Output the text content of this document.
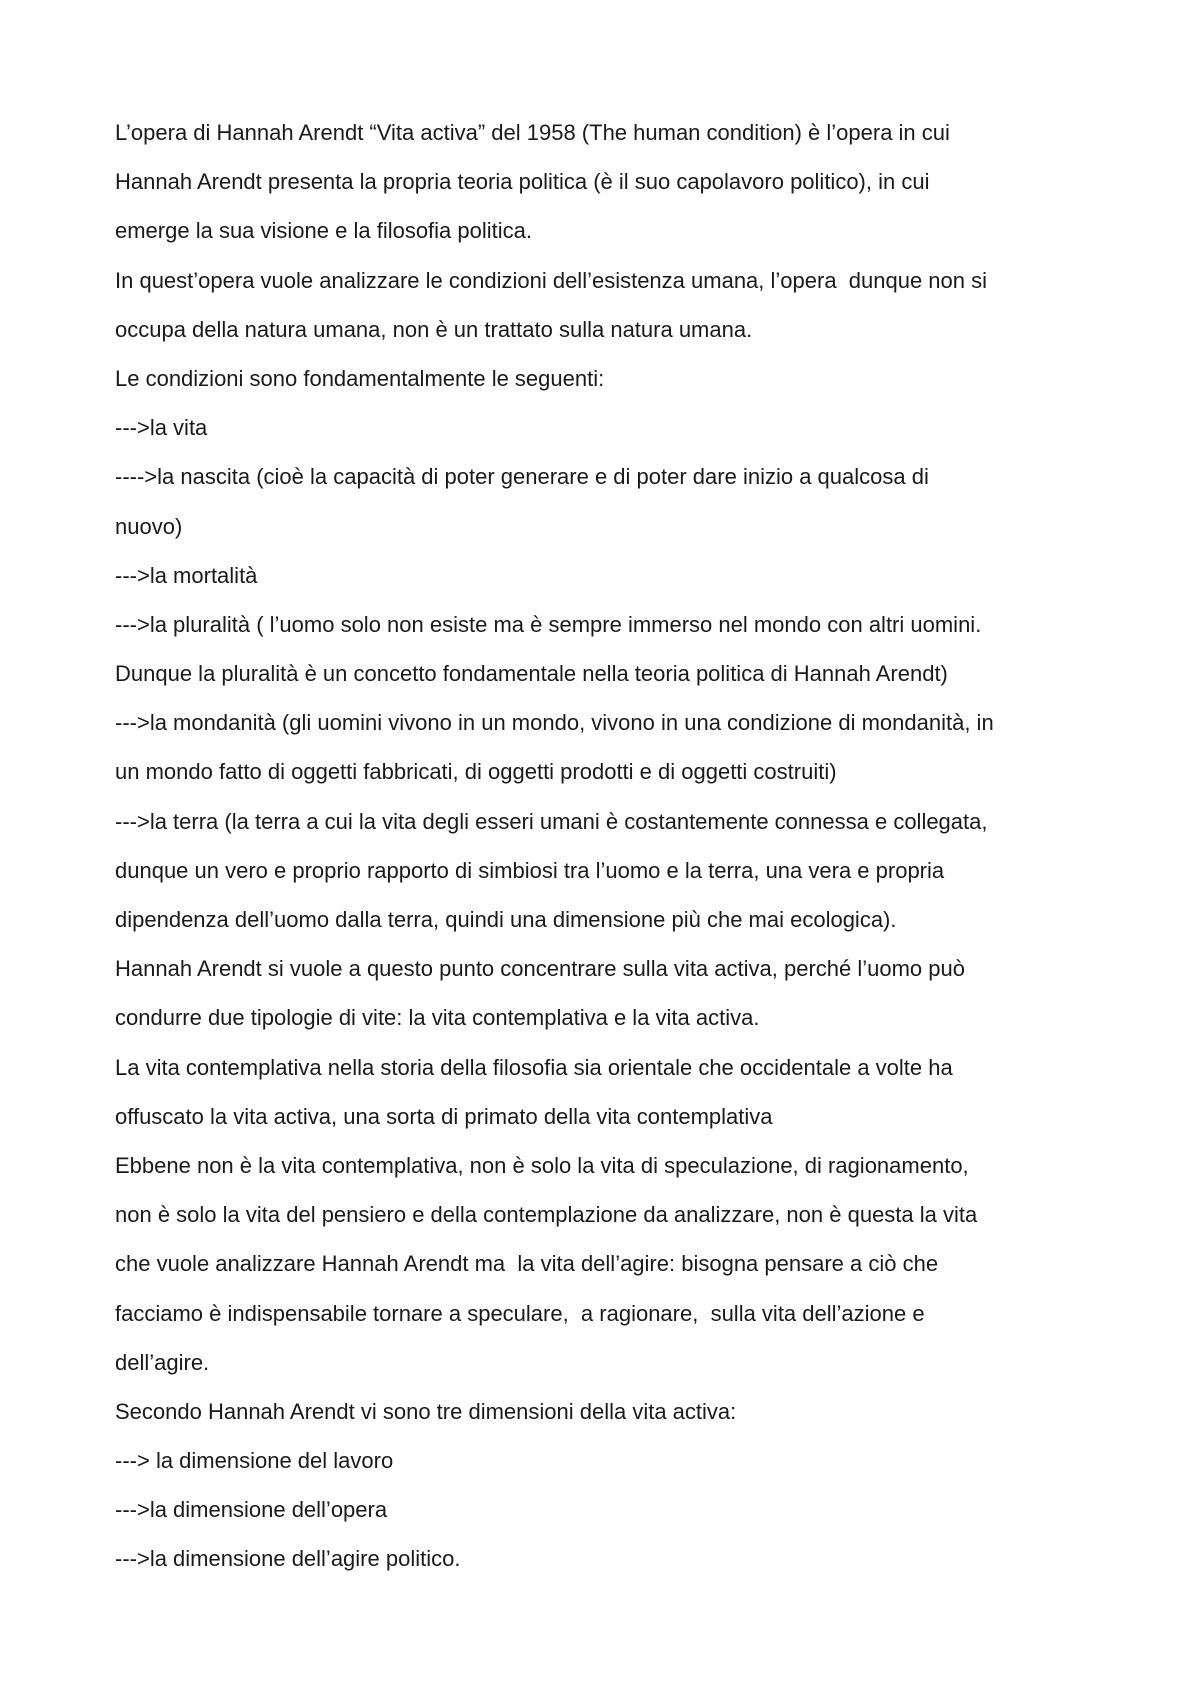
L’opera di Hannah Arendt “Vita activa” del 1958 (The human condition) è l’opera in cui
Hannah Arendt presenta la propria teoria politica (è il suo capolavoro politico), in cui
emerge la sua visione e la filosofia politica.
In quest’opera vuole analizzare le condizioni dell’esistenza umana, l’opera  dunque non si
occupa della natura umana, non è un trattato sulla natura umana.
Le condizioni sono fondamentalmente le seguenti:
--->la vita
---->la nascita (cioè la capacità di poter generare e di poter dare inizio a qualcosa di
nuovo)
--->la mortalità
--->la pluralità ( l’uomo solo non esiste ma è sempre immerso nel mondo con altri uomini.
Dunque la pluralità è un concetto fondamentale nella teoria politica di Hannah Arendt)
--->la mondanità (gli uomini vivono in un mondo, vivono in una condizione di mondanità, in
un mondo fatto di oggetti fabbricati, di oggetti prodotti e di oggetti costruiti)
--->la terra (la terra a cui la vita degli esseri umani è costantemente connessa e collegata,
dunque un vero e proprio rapporto di simbiosi tra l’uomo e la terra, una vera e propria
dipendenza dell’uomo dalla terra, quindi una dimensione più che mai ecologica).
Hannah Arendt si vuole a questo punto concentrare sulla vita activa, perché l’uomo può
condurre due tipologie di vite: la vita contemplativa e la vita activa.
La vita contemplativa nella storia della filosofia sia orientale che occidentale a volte ha
offuscato la vita activa, una sorta di primato della vita contemplativa
Ebbene non è la vita contemplativa, non è solo la vita di speculazione, di ragionamento,
non è solo la vita del pensiero e della contemplazione da analizzare, non è questa la vita
che vuole analizzare Hannah Arendt ma  la vita dell’agire: bisogna pensare a ciò che
facciamo è indispensabile tornare a speculare,  a ragionare,  sulla vita dell’azione e
dell’agire.
Secondo Hannah Arendt vi sono tre dimensioni della vita activa:
---> la dimensione del lavoro
--->la dimensione dell’opera
--->la dimensione dell’agire politico.
